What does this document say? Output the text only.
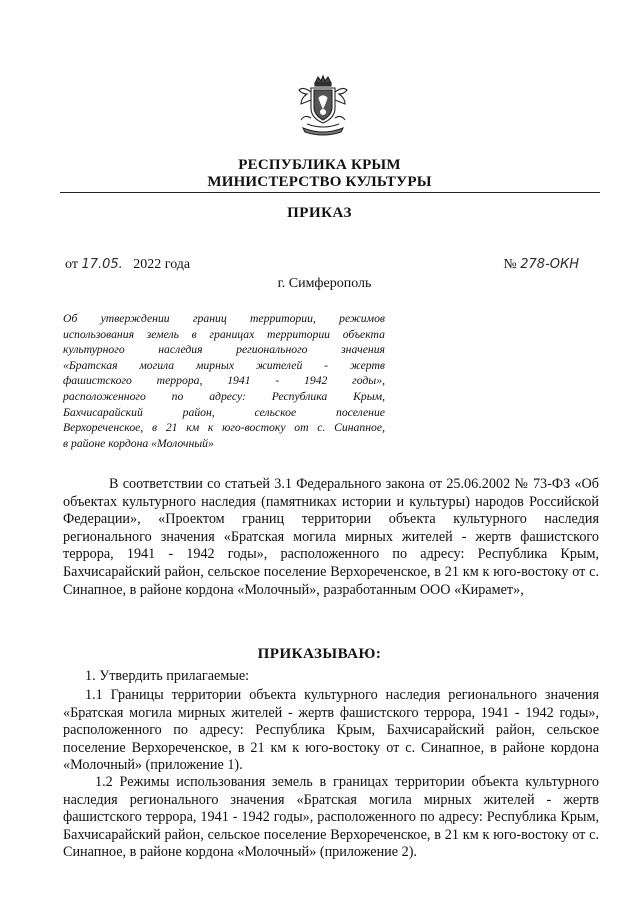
РЕСПУБЛИКА КРЫМ
МИНИСТЕРСТВО КУЛЬТУРЫ
ПРИКАЗ
от 17.05. 2022 года	№ 278-ОКН
г. Симферополь
Об утверждении границ территории, режимов
использования земель в границах территории объекта
культурного наследия регионального значения
«Братская могила мирных жителей - жертв
фашистского террора, 1941 - 1942 годы»,
расположенного по адресу: Республика Крым,
Бахчисарайский район, сельское поселение
Верхореченское, в 21 км к юго-востоку от с. Синапное,
в районе кордона «Молочный»
В соответствии со статьей 3.1 Федерального закона от 25.06.2002 № 73-ФЗ «Об объектах культурного наследия (памятниках истории и культуры) народов Российской Федерации», «Проектом границ территории объекта культурного наследия регионального значения «Братская могила мирных жителей - жертв фашистского террора, 1941 - 1942 годы», расположенного по адресу: Республика Крым, Бахчисарайский район, сельское поселение Верхореченское, в 21 км к юго-востоку от с. Синапное, в районе кордона «Молочный», разработанным ООО «Кирамет»,
ПРИКАЗЫВАЮ:
1. Утвердить прилагаемые:
1.1 Границы территории объекта культурного наследия регионального значения «Братская могила мирных жителей - жертв фашистского террора, 1941 - 1942 годы», расположенного по адресу: Республика Крым, Бахчисарайский район, сельское поселение Верхореченское, в 21 км к юго-востоку от с. Синапное, в районе кордона «Молочный» (приложение 1).
1.2 Режимы использования земель в границах территории объекта культурного наследия регионального значения «Братская могила мирных жителей - жертв фашистского террора, 1941 - 1942 годы», расположенного по адресу: Республика Крым, Бахчисарайский район, сельское поселение Верхореченское, в 21 км к юго-востоку от с. Синапное, в районе кордона «Молочный» (приложение 2).
